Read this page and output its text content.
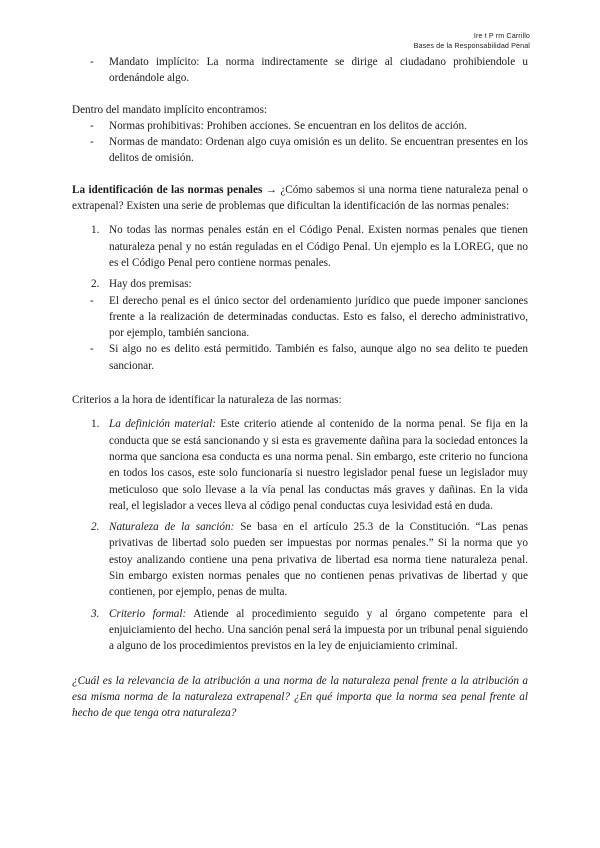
Ire t P rm Carrillo
Bases de la Responsabilidad Penal
- Mandato implícito: La norma indirectamente se dirige al ciudadano prohibiendole u ordenándole algo.

Dentro del mandato implícito encontramos:

- Normas prohibitivas: Prohiben acciones. Se encuentran en los delitos de acción.
- Normas de mandato: Ordenan algo cuya omisión es un delito. Se encuentran presentes en los delitos de omisión.

La identificación de las normas penales → ¿Cómo sabemos si una norma tiene naturaleza penal o extrapenal? Existen una serie de problemas que dificultan la identificación de las normas penales:

1. No todas las normas penales están en el Código Penal. Existen normas penales que tienen naturaleza penal y no están reguladas en el Código Penal. Un ejemplo es la LOREG, que no es el Código Penal pero contiene normas penales.
2. Hay dos premisas:
- El derecho penal es el único sector del ordenamiento jurídico que puede imponer sanciones frente a la realización de determinadas conductas. Esto es falso, el derecho administrativo, por ejemplo, también sanciona.
- Si algo no es delito está permitido. También es falso, aunque algo no sea delito te pueden sancionar.

Criterios a la hora de identificar la naturaleza de las normas:

1. La definición material: Este criterio atiende al contenido de la norma penal. Se fija en la conducta que se está sancionando y si esta es gravemente dañina para la sociedad entonces la norma que sanciona esa conducta es una norma penal. Sin embargo, este criterio no funciona en todos los casos, este solo funcionaría si nuestro legislador penal fuese un legislador muy meticuloso que solo llevase a la vía penal las conductas más graves y dañinas. En la vida real, el legislador a veces lleva al código penal conductas cuya lesividad está en duda.
2. Naturaleza de la sanción: Se basa en el artículo 25.3 de la Constitución. “Las penas privativas de libertad solo pueden ser impuestas por normas penales.” Si la norma que yo estoy analizando contiene una pena privativa de libertad esa norma tiene naturaleza penal. Sin embargo existen normas penales que no contienen penas privativas de libertad y que contienen, por ejemplo, penas de multa.
3. Criterio formal: Atiende al procedimiento seguido y al órgano competente para el enjuiciamiento del hecho. Una sanción penal será la impuesta por un tribunal penal siguiendo a alguno de los procedimientos previstos en la ley de enjuiciamiento criminal.

¿Cuál es la relevancia de la atribución a una norma de la naturaleza penal frente a la atribución a esa misma norma de la naturaleza extrapenal? ¿En qué importa que la norma sea penal frente al hecho de que tenga otra naturaleza?
